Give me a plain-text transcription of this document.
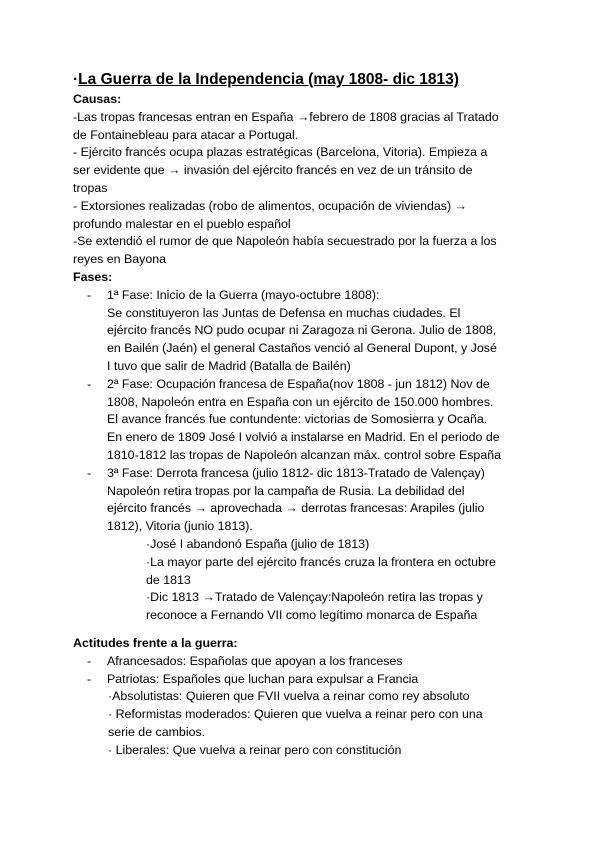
·La Guerra de la Independencia (may 1808- dic 1813)
Causas:
-Las tropas francesas entran en España →febrero de 1808 gracias al Tratado
de Fontainebleau para atacar a Portugal.
- Ejército francés ocupa plazas estratégicas (Barcelona, Vitoria). Empieza a
ser evidente que → invasión del ejército francés en vez de un tránsito de
tropas
- Extorsiones realizadas (robo de alimentos, ocupación de viviendas) →
profundo malestar en el pueblo español
-Se extendió el rumor de que Napoleón había secuestrado por la fuerza a los
reyes en Bayona
Fases:
- 1ª Fase: Inicio de la Guerra (mayo-octubre 1808):
Se constituyeron las Juntas de Defensa en muchas ciudades. El
ejército francés NO pudo ocupar ni Zaragoza ni Gerona. Julio de 1808,
en Bailén (Jaén) el general Castaños venció al General Dupont, y José
I tuvo que salir de Madrid (Batalla de Bailén)
- 2ª Fase: Ocupación francesa de España(nov 1808 - jun 1812) Nov de
1808, Napoleón entra en España con un ejército de 150.000 hombres.
El avance francés fue contundente: victorias de Somosierra y Ocaña.
En enero de 1809 José I volvió a instalarse en Madrid. En el periodo de
1810-1812 las tropas de Napoleón alcanzan máx. control sobre España
- 3ª Fase: Derrota francesa (julio 1812- dic 1813-Tratado de Valençay)
Napoleón retira tropas por la campaña de Rusia. La debilidad del
ejército francés → aprovechada → derrotas francesas: Arapiles (julio
1812), Vitoria (junio 1813).
·José I abandonó España (julio de 1813)
·La mayor parte del ejército francés cruza la frontera en octubre
de 1813
·Dic 1813 →Tratado de Valençay:Napoleón retira las tropas y
reconoce a Fernando VII como legítimo monarca de España
Actitudes frente a la guerra:
- Afrancesados: Españolas que apoyan a los franceses
- Patriotas: Españoles que luchan para expulsar a Francia
·Absolutistas: Quieren que FVII vuelva a reinar como rey absoluto
· Reformistas moderados: Quieren que vuelva a reinar pero con una
serie de cambios.
· Liberales: Que vuelva a reinar pero con constitución
